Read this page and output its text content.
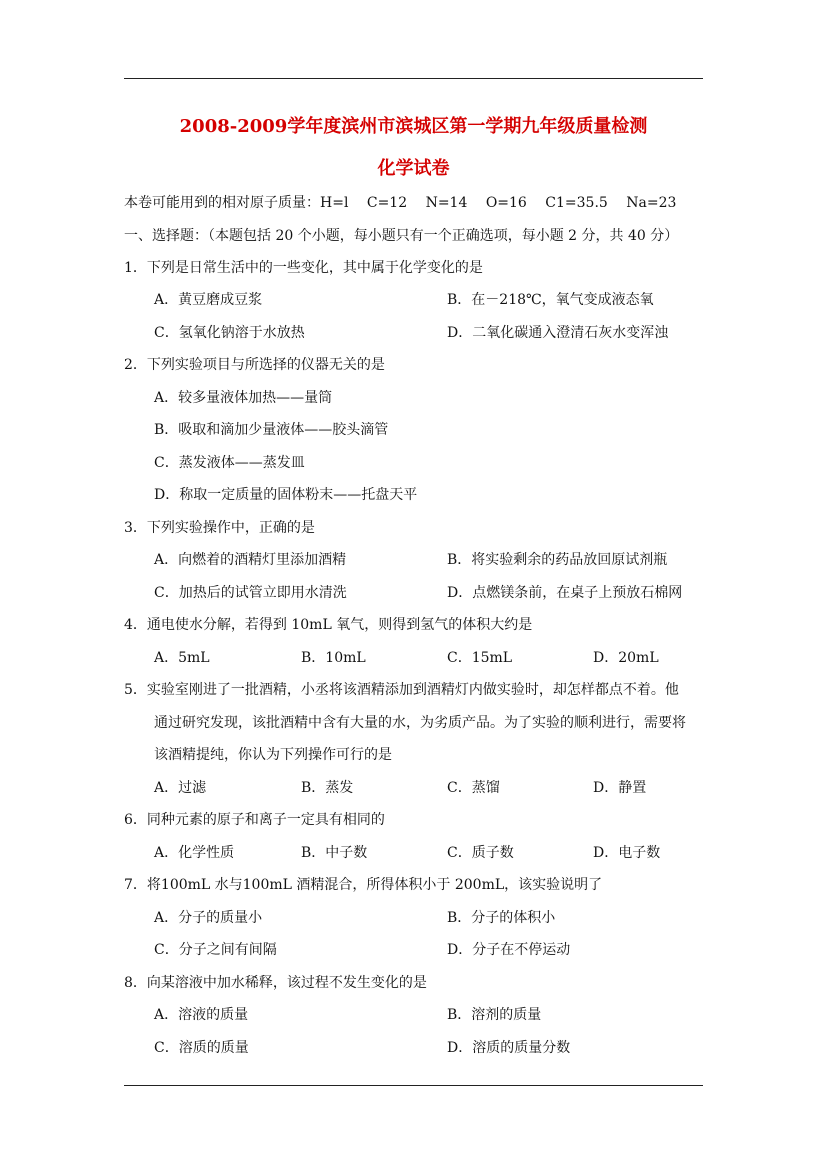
2008-2009学年度滨州市滨城区第一学期九年级质量检测
化学试卷
本卷可能用到的相对原子质量：H=l　 C=12　 N=14　 O=16　 C1=35.5　 Na=23
一、选择题：（本题包括 20 个小题，每小题只有一个正确选项，每小题 2 分，共 40 分）
1．下列是日常生活中的一些变化，其中属于化学变化的是
A．黄豆磨成豆浆	B．在－218℃，氧气变成液态氧
C．氢氧化钠溶于水放热	D．二氧化碳通入澄清石灰水变浑浊
2．下列实验项目与所选择的仪器无关的是
A．较多量液体加热——量筒
B．吸取和滴加少量液体——胶头滴管
C．蒸发液体——蒸发皿
D．称取一定质量的固体粉末——托盘天平
3．下列实验操作中，正确的是
A．向燃着的酒精灯里添加酒精	B．将实验剩余的药品放回原试剂瓶
C．加热后的试管立即用水清洗	D．点燃镁条前，在桌子上预放石棉网
4．通电使水分解，若得到 10mL 氧气，则得到氢气的体积大约是
A．5mL	B．10mL	C．15mL	D．20mL
5．实验室刚进了一批酒精，小丞将该酒精添加到酒精灯内做实验时，却怎样都点不着。他
通过研究发现，该批酒精中含有大量的水，为劣质产品。为了实验的顺利进行，需要将
该酒精提纯，你认为下列操作可行的是
A．过滤	B．蒸发	C．蒸馏	D．静置
6．同种元素的原子和离子一定具有相同的
A．化学性质	B．中子数	C．质子数	D．电子数
7．将100mL 水与100mL 酒精混合，所得体积小于 200mL，该实验说明了
A．分子的质量小	B．分子的体积小
C．分子之间有间隔	D．分子在不停运动
8．向某溶液中加水稀释，该过程不发生变化的是
A．溶液的质量	B．溶剂的质量
C．溶质的质量	D．溶质的质量分数
